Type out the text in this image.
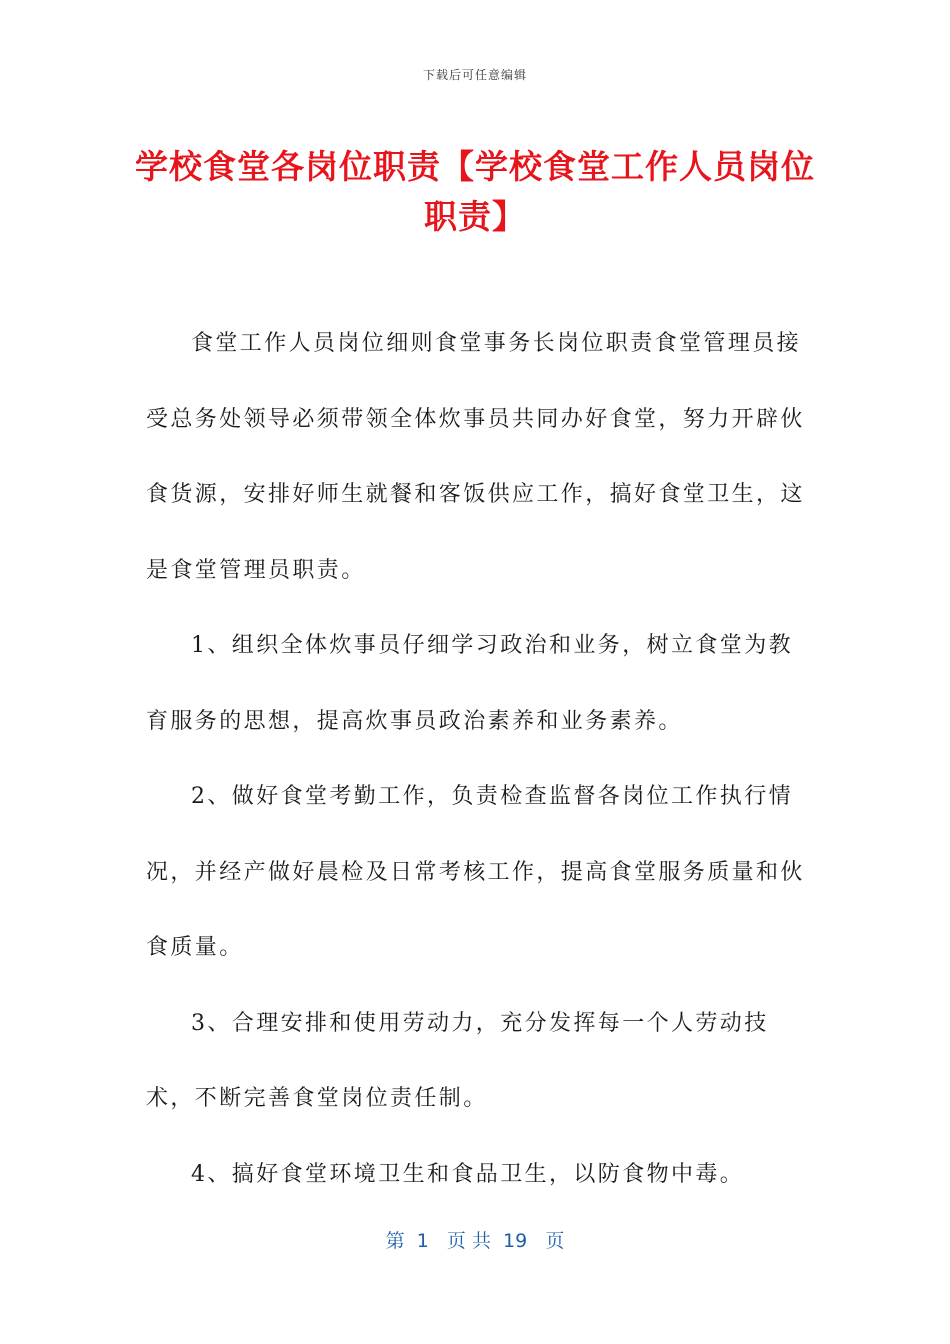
下载后可任意编辑
学校食堂各岗位职责【学校食堂工作人员岗位职责】

食堂工作人员岗位细则食堂事务长岗位职责食堂管理员接受总务处领导必须带领全体炊事员共同办好食堂，努力开辟伙食货源，安排好师生就餐和客饭供应工作，搞好食堂卫生，这是食堂管理员职责。

1、组织全体炊事员仔细学习政治和业务，树立食堂为教育服务的思想，提高炊事员政治素养和业务素养。

2、做好食堂考勤工作，负责检查监督各岗位工作执行情况，并经产做好晨检及日常考核工作，提高食堂服务质量和伙食质量。

3、合理安排和使用劳动力，充分发挥每一个人劳动技术，不断完善食堂岗位责任制。

4、搞好食堂环境卫生和食品卫生，以防食物中毒。

第  1   页 共  19   页
